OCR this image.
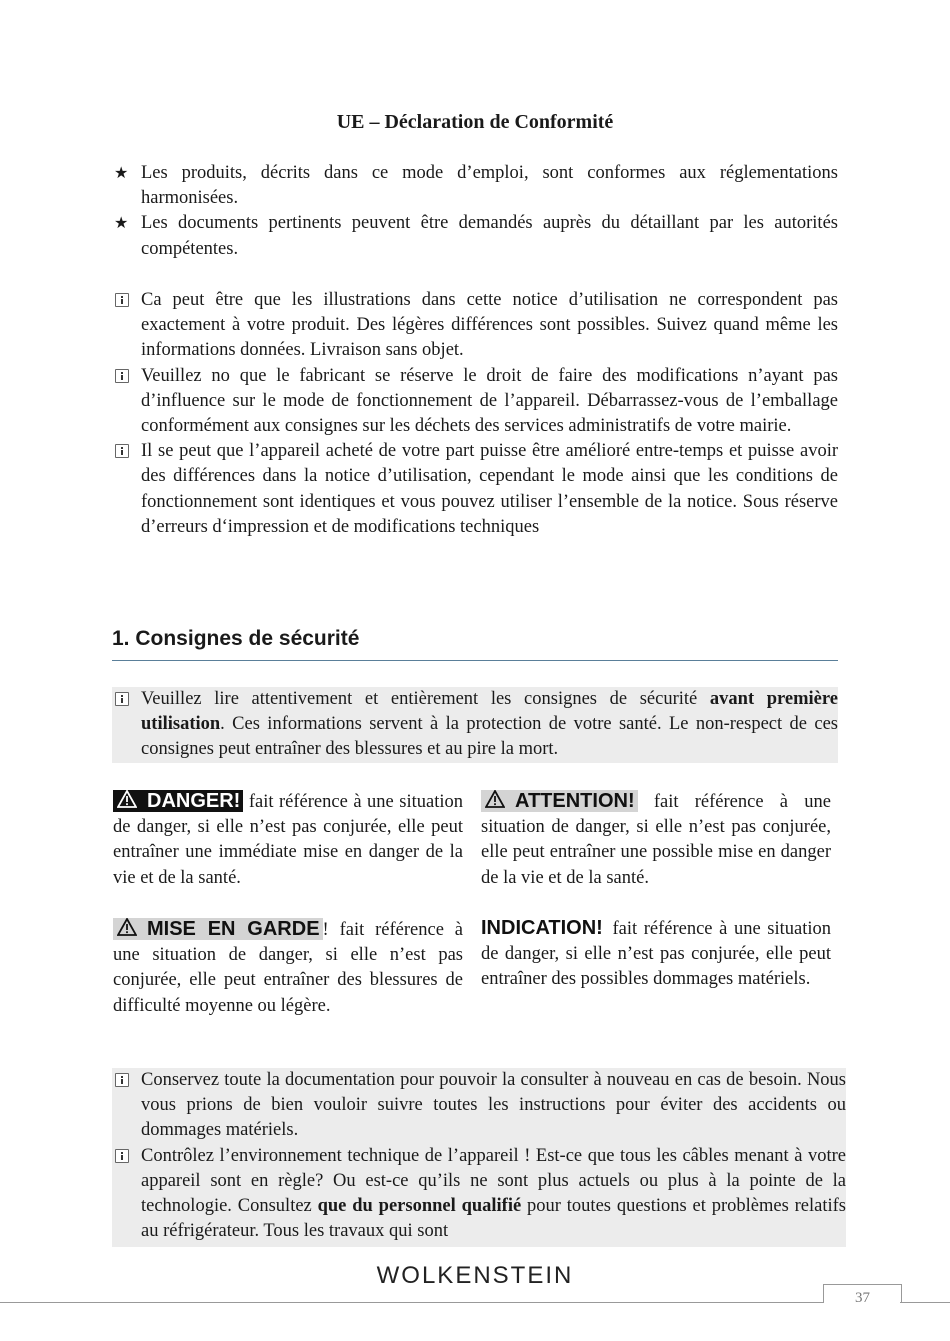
UE – Déclaration de Conformité
★ Les produits, décrits dans ce mode d’emploi, sont conformes aux réglementations harmonisées.
★ Les documents pertinents peuvent être demandés auprès du détaillant par les autorités compétentes.
Ca peut être que les illustrations dans cette notice d’utilisation ne correspondent pas exactement à votre produit. Des légères différences sont possibles. Suivez quand même les informations données. Livraison sans objet.
Veuillez no que le fabricant se réserve le droit de faire des modifications n’ayant pas d’influence sur le mode de fonctionnement de l’appareil. Débarrassez-vous de l’emballage conformément aux consignes sur les déchets des services administratifs de votre mairie.
Il se peut que l’appareil acheté de votre part puisse être amélioré entre-temps et puisse avoir des différences dans la notice d’utilisation, cependant le mode ainsi que les conditions de fonctionnement sont identiques et vous pouvez utiliser l’ensemble de la notice. Sous réserve d’erreurs d‘impression et de modifications techniques
1. Consignes de sécurité
Veuillez lire attentivement et entièrement les consignes de sécurité avant première utilisation. Ces informations servent à la protection de votre santé. Le non-respect de ces consignes peut entraîner des blessures et au pire la mort.
DANGER! fait référence à une situation de danger, si elle n’est pas conjurée, elle peut entraîner une immédiate mise en danger de la vie et de la santé.
ATTENTION! fait référence à une situation de danger, si elle n’est pas conjurée, elle peut entraîner une possible mise en danger de la vie et de la santé.
MISE EN GARDE ! fait référence à une situation de danger, si elle n’est pas conjurée, elle peut entraîner des blessures de difficulté moyenne ou légère.
INDICATION! fait référence à une situation de danger, si elle n’est pas conjurée, elle peut entraîner des possibles dommages matériels.
Conservez toute la documentation pour pouvoir la consulter à nouveau en cas de besoin. Nous vous prions de bien vouloir suivre toutes les instructions pour éviter des accidents ou dommages matériels.
Contrôlez l’environnement technique de l’appareil ! Est-ce que tous les câbles menant à votre appareil sont en règle? Ou est-ce qu’ils ne sont plus actuels ou plus à la pointe de la technologie. Consultez que du personnel qualifié pour toutes questions et problèmes relatifs au réfrigérateur. Tous les travaux qui sont
WOLKENSTEIN
37
